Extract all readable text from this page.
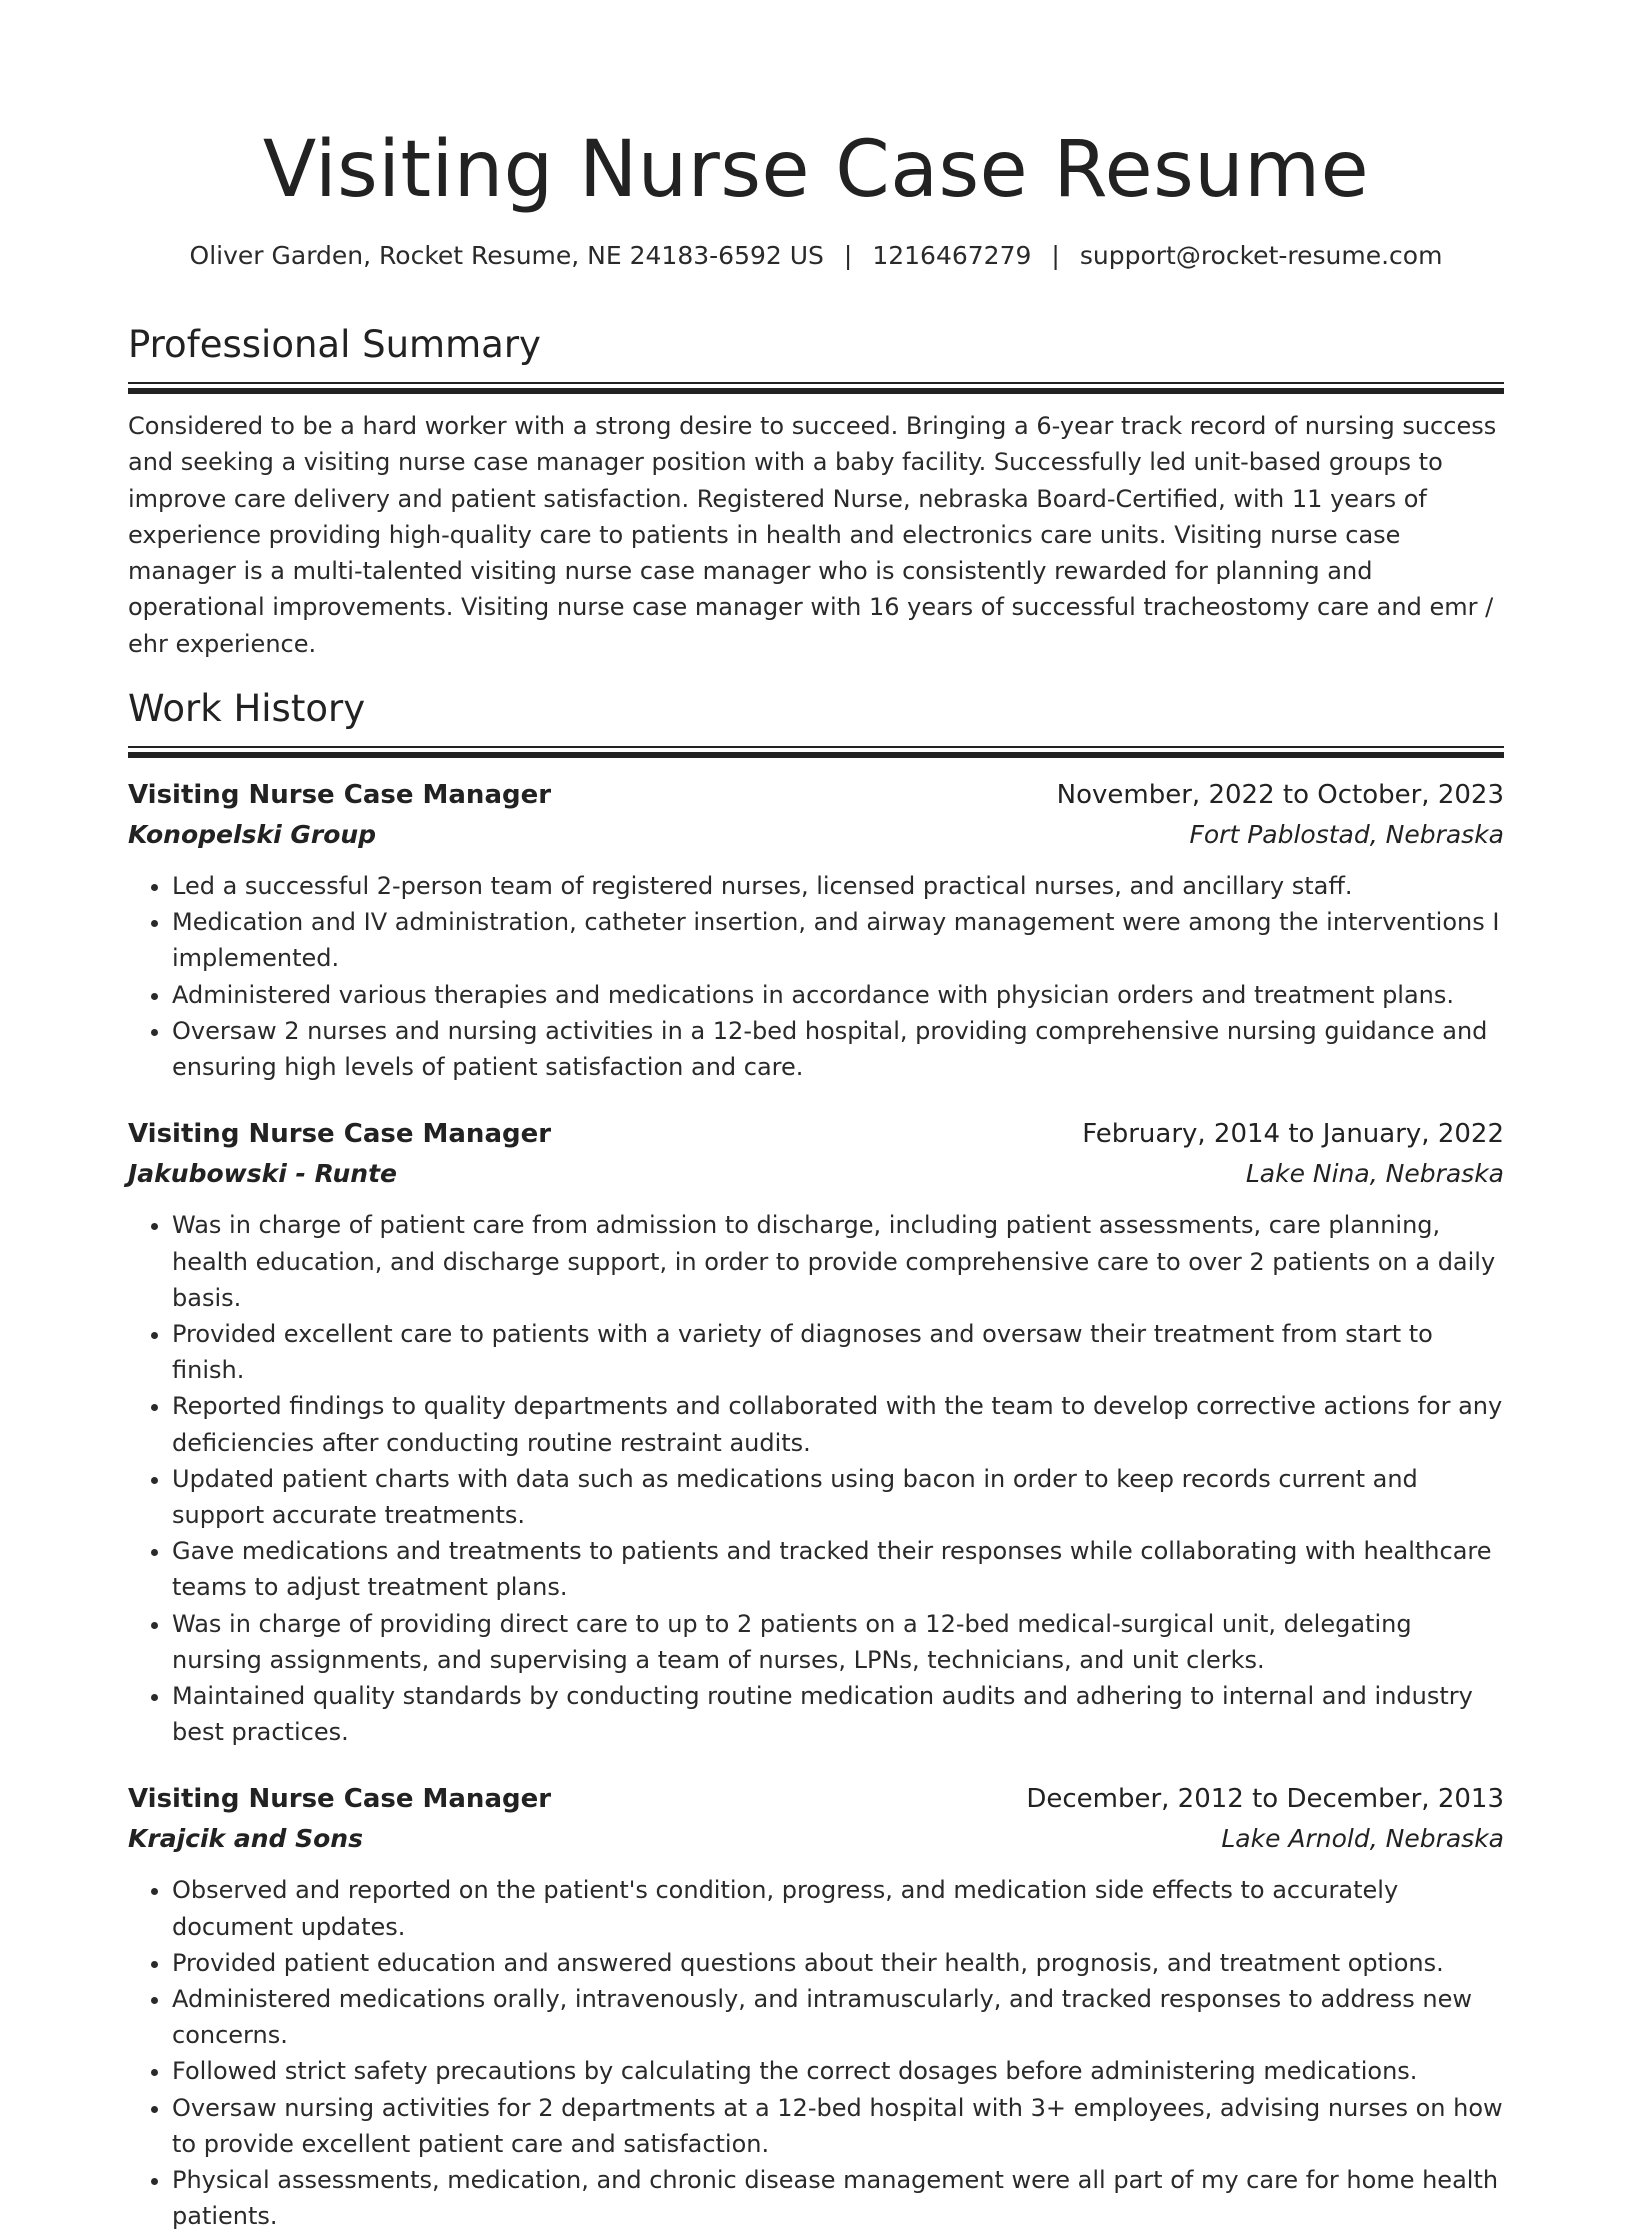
Visiting Nurse Case Resume
Oliver Garden, Rocket Resume, NE 24183-6592 US | 1216467279 | support@rocket-resume.com
Professional Summary

Considered to be a hard worker with a strong desire to succeed. Bringing a 6-year track record of nursing success and seeking a visiting nurse case manager position with a baby facility. Successfully led unit-based groups to improve care delivery and patient satisfaction. Registered Nurse, nebraska Board-Certified, with 11 years of experience providing high-quality care to patients in health and electronics care units. Visiting nurse case manager is a multi-talented visiting nurse case manager who is consistently rewarded for planning and operational improvements. Visiting nurse case manager with 16 years of successful tracheostomy care and emr / ehr experience.

Work History
Visiting Nurse Case Manager	November, 2022 to October, 2023
Konopelski Group	Fort Pablostad, Nebraska
• Led a successful 2-person team of registered nurses, licensed practical nurses, and ancillary staff.
• Medication and IV administration, catheter insertion, and airway management were among the interventions I implemented.
• Administered various therapies and medications in accordance with physician orders and treatment plans.
• Oversaw 2 nurses and nursing activities in a 12-bed hospital, providing comprehensive nursing guidance and ensuring high levels of patient satisfaction and care.
Visiting Nurse Case Manager	February, 2014 to January, 2022
Jakubowski - Runte	Lake Nina, Nebraska
• Was in charge of patient care from admission to discharge, including patient assessments, care planning, health education, and discharge support, in order to provide comprehensive care to over 2 patients on a daily basis.
• Provided excellent care to patients with a variety of diagnoses and oversaw their treatment from start to finish.
• Reported findings to quality departments and collaborated with the team to develop corrective actions for any deficiencies after conducting routine restraint audits.
• Updated patient charts with data such as medications using bacon in order to keep records current and support accurate treatments.
• Gave medications and treatments to patients and tracked their responses while collaborating with healthcare teams to adjust treatment plans.
• Was in charge of providing direct care to up to 2 patients on a 12-bed medical-surgical unit, delegating nursing assignments, and supervising a team of nurses, LPNs, technicians, and unit clerks.
• Maintained quality standards by conducting routine medication audits and adhering to internal and industry best practices.
Visiting Nurse Case Manager	December, 2012 to December, 2013
Krajcik and Sons	Lake Arnold, Nebraska
• Observed and reported on the patient's condition, progress, and medication side effects to accurately document updates.
• Provided patient education and answered questions about their health, prognosis, and treatment options.
• Administered medications orally, intravenously, and intramuscularly, and tracked responses to address new concerns.
• Followed strict safety precautions by calculating the correct dosages before administering medications.
• Oversaw nursing activities for 2 departments at a 12-bed hospital with 3+ employees, advising nurses on how to provide excellent patient care and satisfaction.
• Physical assessments, medication, and chronic disease management were all part of my care for home health patients.
